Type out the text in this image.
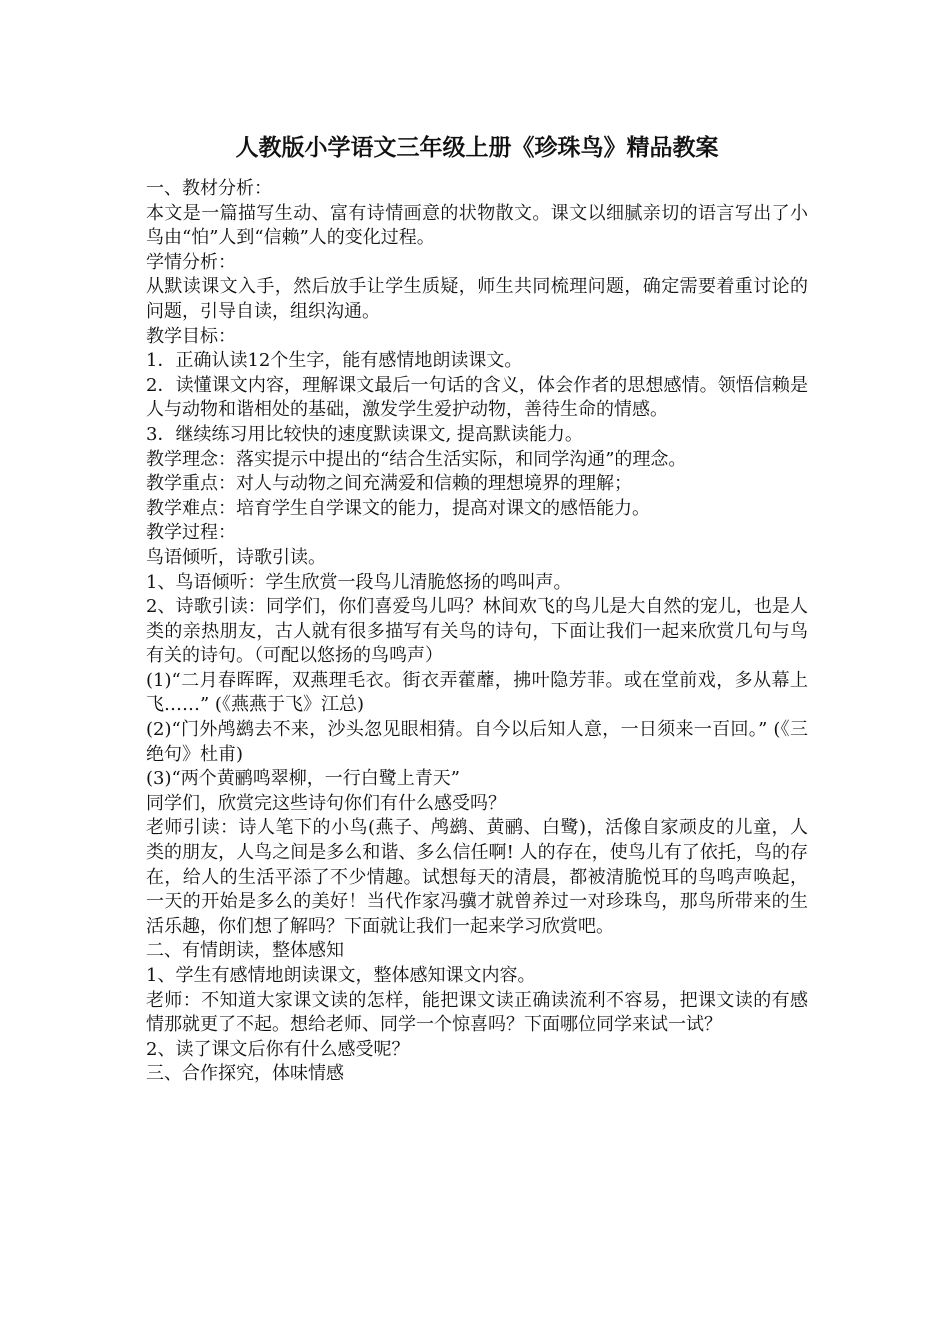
人教版小学语文三年级上册《珍珠鸟》精品教案

一、教材分析：

本文是一篇描写生动、富有诗情画意的状物散文。课文以细腻亲切的语言写出了小鸟由“怕”人到“信赖”人的变化过程。

学情分析：

从默读课文入手，然后放手让学生质疑，师生共同梳理问题，确定需要着重讨论的问题，引导自读，组织沟通。

教学目标：

1．正确认读12个生字，能有感情地朗读课文。

2．读懂课文内容，理解课文最后一句话的含义，体会作者的思想感情。领悟信赖是人与动物和谐相处的基础，激发学生爱护动物，善待生命的情感。

3．继续练习用比较快的速度默读课文, 提高默读能力。

教学理念：落实提示中提出的“结合生活实际，和同学沟通”的理念。

教学重点：对人与动物之间充满爱和信赖的理想境界的理解；

教学难点：培育学生自学课文的能力，提高对课文的感悟能力。

教学过程：

鸟语倾听，诗歌引读。

1、鸟语倾听：学生欣赏一段鸟儿清脆悠扬的鸣叫声。

2、诗歌引读：同学们，你们喜爱鸟儿吗？林间欢飞的鸟儿是大自然的宠儿，也是人类的亲热朋友，古人就有很多描写有关鸟的诗句，下面让我们一起来欣赏几句与鸟有关的诗句。（可配以悠扬的鸟鸣声）

(1)“二月春晖晖，双燕理毛衣。街衣弄藿蘼，拂叶隐芳菲。或在堂前戏，多从幕上飞……” (《燕燕于飞》江总)

(2)“门外鸬鹚去不来，沙头忽见眼相猜。自今以后知人意，一日须来一百回。” (《三绝句》杜甫)

(3)“两个黄鹂鸣翠柳，一行白鹭上青天”

同学们，欣赏完这些诗句你们有什么感受吗？

老师引读：诗人笔下的小鸟(燕子、鸬鹚、黄鹂、白鹭)，活像自家顽皮的儿童，人类的朋友，人鸟之间是多么和谐、多么信任啊! 人的存在，使鸟儿有了依托，鸟的存在，给人的生活平添了不少情趣。试想每天的清晨，都被清脆悦耳的鸟鸣声唤起，一天的开始是多么的美好！当代作家冯骥才就曾养过一对珍珠鸟，那鸟所带来的生活乐趣，你们想了解吗？下面就让我们一起来学习欣赏吧。

二、有情朗读，整体感知

1、学生有感情地朗读课文，整体感知课文内容。

老师：不知道大家课文读的怎样，能把课文读正确读流利不容易，把课文读的有感情那就更了不起。想给老师、同学一个惊喜吗？下面哪位同学来试一试？

2、读了课文后你有什么感受呢？

三、合作探究，体味情感
